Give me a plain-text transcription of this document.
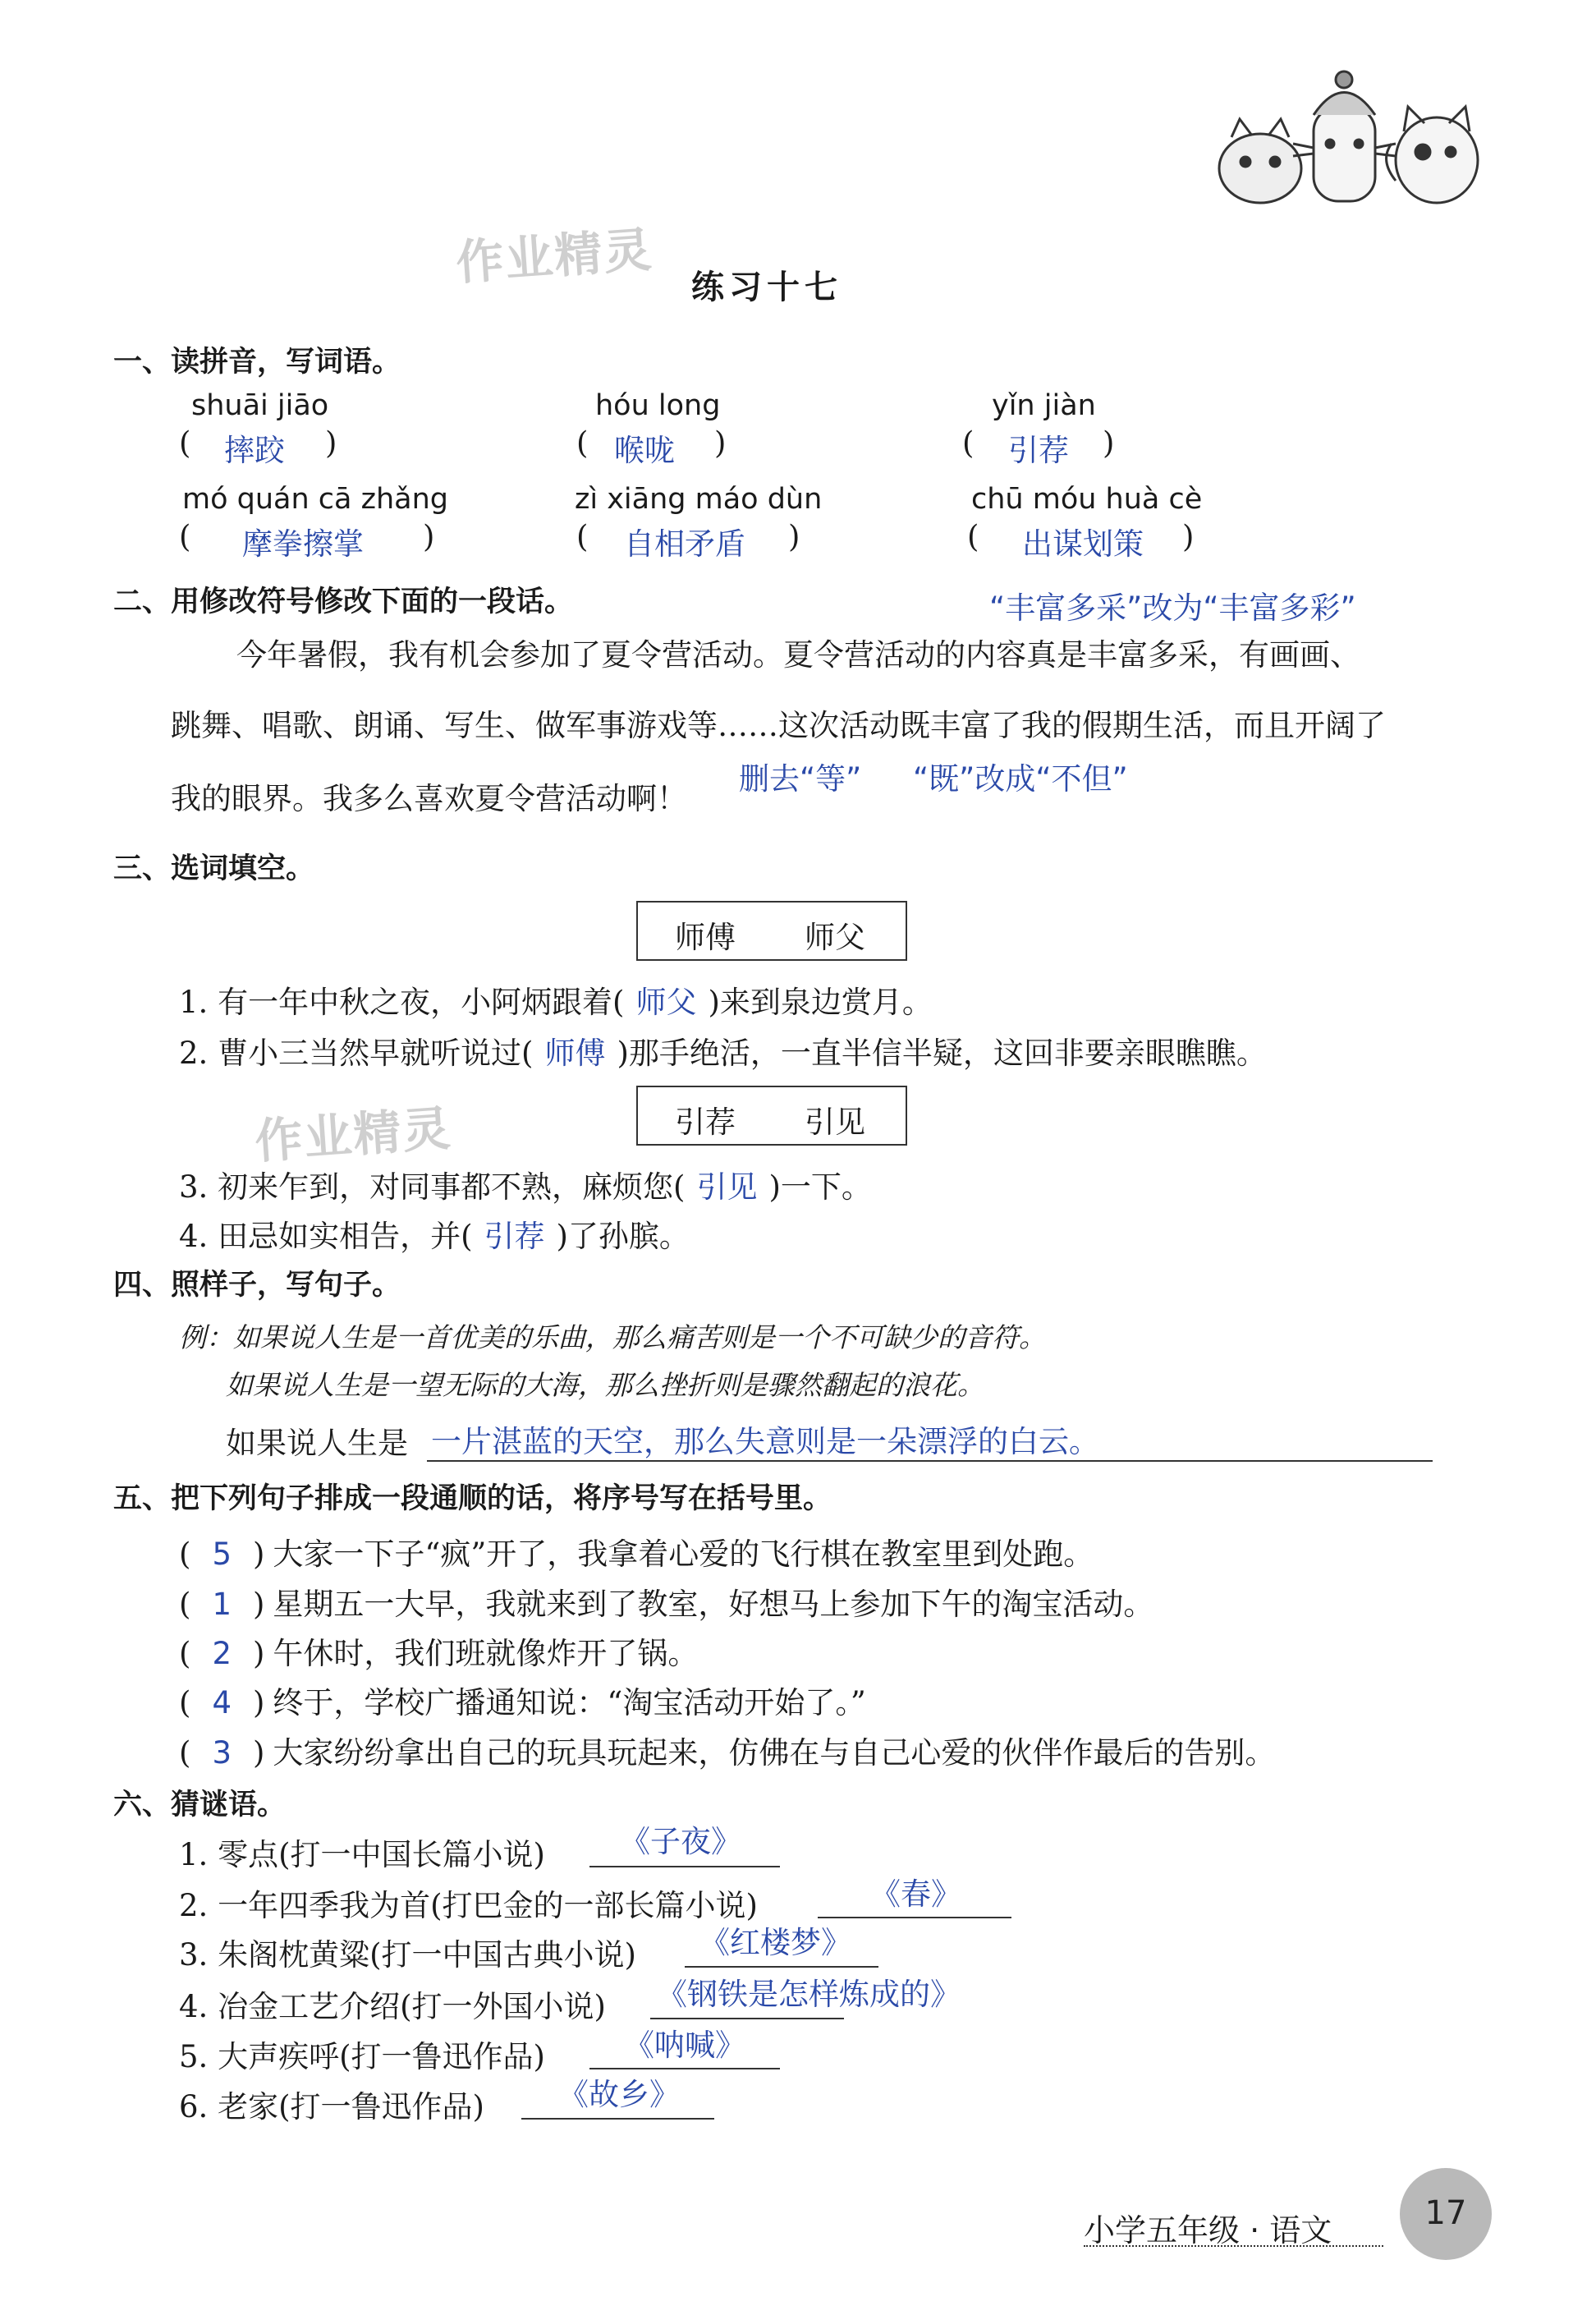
作业精灵
作业精灵
练习十七
一、读拼音，写词语。
shuāi jiāo	hóu long	yǐn jiàn
( 摔跤 )	( 喉咙 )	( 引荐 )
mó quán cā zhǎng	zì xiāng máo dùn	chū móu huà cè
( 摩拳擦掌 )	( 自相矛盾 )	( 出谋划策 )
二、用修改符号修改下面的一段话。	“丰富多采”改为“丰富多彩”
今年暑假，我有机会参加了夏令营活动。夏令营活动的内容真是丰富多采，有画画、
跳舞、唱歌、朗诵、写生、做军事游戏等……这次活动既丰富了我的假期生活，而且开阔了
我的眼界。我多么喜欢夏令营活动啊！
删去“等” “既”改成“不但”
三、选词填空。
师傅 师父
1. 有一年中秋之夜，小阿炳跟着( 师父 )来到泉边赏月。
2. 曹小三当然早就听说过( 师傅 )那手绝活，一直半信半疑，这回非要亲眼瞧瞧。
引荐 引见
3. 初来乍到，对同事都不熟，麻烦您( 引见 )一下。
4. 田忌如实相告，并( 引荐 )了孙膑。
四、照样子，写句子。
例：如果说人生是一首优美的乐曲，那么痛苦则是一个不可缺少的音符。
如果说人生是一望无际的大海，那么挫折则是骤然翻起的浪花。
如果说人生是 一片湛蓝的天空，那么失意则是一朵漂浮的白云。
五、把下列句子排成一段通顺的话，将序号写在括号里。
( 5 ) 大家一下子“疯”开了，我拿着心爱的飞行棋在教室里到处跑。
( 1 ) 星期五一大早，我就来到了教室，好想马上参加下午的淘宝活动。
( 2 ) 午休时，我们班就像炸开了锅。
( 4 ) 终于，学校广播通知说：“淘宝活动开始了。”
( 3 ) 大家纷纷拿出自己的玩具玩起来，仿佛在与自己心爱的伙伴作最后的告别。
六、猜谜语。
1. 零点(打一中国长篇小说) 《子夜》
2. 一年四季我为首(打巴金的一部长篇小说)	《春》
3. 朱阁枕黄粱(打一中国古典小说) 《红楼梦》
4. 冶金工艺介绍(打一外国小说) 《钢铁是怎样炼成的》
5. 大声疾呼(打一鲁迅作品)	《呐喊》
6. 老家(打一鲁迅作品) 《故乡》
小学五年级 · 语文	17
